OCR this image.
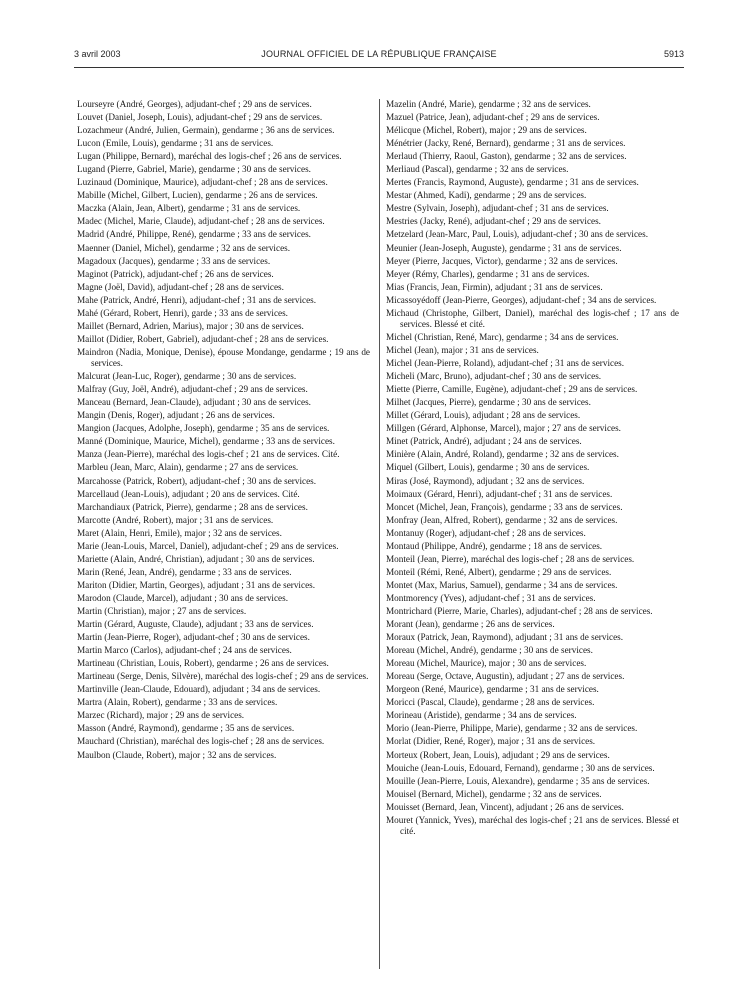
3 avril 2003	JOURNAL OFFICIEL DE LA RÉPUBLIQUE FRANÇAISE	5913
Lourseyre (André, Georges), adjudant-chef ; 29 ans de services.
Louvet (Daniel, Joseph, Louis), adjudant-chef ; 29 ans de services.
Lozachmeur (André, Julien, Germain), gendarme ; 36 ans de services.
Lucon (Emile, Louis), gendarme ; 31 ans de services.
Lugan (Philippe, Bernard), maréchal des logis-chef ; 26 ans de services.
Lugand (Pierre, Gabriel, Marie), gendarme ; 30 ans de services.
Luzinaud (Dominique, Maurice), adjudant-chef ; 28 ans de services.
Mabille (Michel, Gilbert, Lucien), gendarme ; 26 ans de services.
Maczka (Alain, Jean, Albert), gendarme ; 31 ans de services.
Madec (Michel, Marie, Claude), adjudant-chef ; 28 ans de services.
Madrid (André, Philippe, René), gendarme ; 33 ans de services.
Maenner (Daniel, Michel), gendarme ; 32 ans de services.
Magadoux (Jacques), gendarme ; 33 ans de services.
Maginot (Patrick), adjudant-chef ; 26 ans de services.
Magne (Joël, David), adjudant-chef ; 28 ans de services.
Mahe (Patrick, André, Henri), adjudant-chef ; 31 ans de services.
Mahé (Gérard, Robert, Henri), garde ; 33 ans de services.
Maillet (Bernard, Adrien, Marius), major ; 30 ans de services.
Maillot (Didier, Robert, Gabriel), adjudant-chef ; 28 ans de services.
Maindron (Nadia, Monique, Denise), épouse Mondange, gendarme ; 19 ans de services.
Malcurat (Jean-Luc, Roger), gendarme ; 30 ans de services.
Malfray (Guy, Joël, André), adjudant-chef ; 29 ans de services.
Manceau (Bernard, Jean-Claude), adjudant ; 30 ans de services.
Mangin (Denis, Roger), adjudant ; 26 ans de services.
Mangion (Jacques, Adolphe, Joseph), gendarme ; 35 ans de services.
Manné (Dominique, Maurice, Michel), gendarme ; 33 ans de services.
Manza (Jean-Pierre), maréchal des logis-chef ; 21 ans de services. Cité.
Marbleu (Jean, Marc, Alain), gendarme ; 27 ans de services.
Marcahosse (Patrick, Robert), adjudant-chef ; 30 ans de services.
Marcellaud (Jean-Louis), adjudant ; 20 ans de services. Cité.
Marchandiaux (Patrick, Pierre), gendarme ; 28 ans de services.
Marcotte (André, Robert), major ; 31 ans de services.
Maret (Alain, Henri, Emile), major ; 32 ans de services.
Marie (Jean-Louis, Marcel, Daniel), adjudant-chef ; 29 ans de services.
Mariette (Alain, André, Christian), adjudant ; 30 ans de services.
Marin (René, Jean, André), gendarme ; 33 ans de services.
Mariton (Didier, Martin, Georges), adjudant ; 31 ans de services.
Marodon (Claude, Marcel), adjudant ; 30 ans de services.
Martin (Christian), major ; 27 ans de services.
Martin (Gérard, Auguste, Claude), adjudant ; 33 ans de services.
Martin (Jean-Pierre, Roger), adjudant-chef ; 30 ans de services.
Martin Marco (Carlos), adjudant-chef ; 24 ans de services.
Martineau (Christian, Louis, Robert), gendarme ; 26 ans de services.
Martineau (Serge, Denis, Silvère), maréchal des logis-chef ; 29 ans de services.
Martinville (Jean-Claude, Edouard), adjudant ; 34 ans de services.
Martra (Alain, Robert), gendarme ; 33 ans de services.
Marzec (Richard), major ; 29 ans de services.
Masson (André, Raymond), gendarme ; 35 ans de services.
Mauchard (Christian), maréchal des logis-chef ; 28 ans de services.
Maulbon (Claude, Robert), major ; 32 ans de services.
Mazelin (André, Marie), gendarme ; 32 ans de services.
Mazuel (Patrice, Jean), adjudant-chef ; 29 ans de services.
Mélicque (Michel, Robert), major ; 29 ans de services.
Ménétrier (Jacky, René, Bernard), gendarme ; 31 ans de services.
Merlaud (Thierry, Raoul, Gaston), gendarme ; 32 ans de services.
Merliaud (Pascal), gendarme ; 32 ans de services.
Mertes (Francis, Raymond, Auguste), gendarme ; 31 ans de services.
Mestar (Ahmed, Kadi), gendarme ; 29 ans de services.
Mestre (Sylvain, Joseph), adjudant-chef ; 31 ans de services.
Mestries (Jacky, René), adjudant-chef ; 29 ans de services.
Metzelard (Jean-Marc, Paul, Louis), adjudant-chef ; 30 ans de services.
Meunier (Jean-Joseph, Auguste), gendarme ; 31 ans de services.
Meyer (Pierre, Jacques, Victor), gendarme ; 32 ans de services.
Meyer (Rémy, Charles), gendarme ; 31 ans de services.
Mias (Francis, Jean, Firmin), adjudant ; 31 ans de services.
Micassoyédoff (Jean-Pierre, Georges), adjudant-chef ; 34 ans de services.
Michaud (Christophe, Gilbert, Daniel), maréchal des logis-chef ; 17 ans de services. Blessé et cité.
Michel (Christian, René, Marc), gendarme ; 34 ans de services.
Michel (Jean), major ; 31 ans de services.
Michel (Jean-Pierre, Roland), adjudant-chef ; 31 ans de services.
Micheli (Marc, Bruno), adjudant-chef ; 30 ans de services.
Miette (Pierre, Camille, Eugène), adjudant-chef ; 29 ans de services.
Milhet (Jacques, Pierre), gendarme ; 30 ans de services.
Millet (Gérard, Louis), adjudant ; 28 ans de services.
Millgen (Gérard, Alphonse, Marcel), major ; 27 ans de services.
Minet (Patrick, André), adjudant ; 24 ans de services.
Minière (Alain, André, Roland), gendarme ; 32 ans de services.
Miquel (Gilbert, Louis), gendarme ; 30 ans de services.
Miras (José, Raymond), adjudant ; 32 ans de services.
Moimaux (Gérard, Henri), adjudant-chef ; 31 ans de services.
Moncet (Michel, Jean, François), gendarme ; 33 ans de services.
Monfray (Jean, Alfred, Robert), gendarme ; 32 ans de services.
Montanuy (Roger), adjudant-chef ; 28 ans de services.
Montaud (Philippe, André), gendarme ; 18 ans de services.
Monteil (Jean, Pierre), maréchal des logis-chef ; 28 ans de services.
Monteil (Rémi, René, Albert), gendarme ; 29 ans de services.
Montet (Max, Marius, Samuel), gendarme ; 34 ans de services.
Montmorency (Yves), adjudant-chef ; 31 ans de services.
Montrichard (Pierre, Marie, Charles), adjudant-chef ; 28 ans de services.
Morant (Jean), gendarme ; 26 ans de services.
Moraux (Patrick, Jean, Raymond), adjudant ; 31 ans de services.
Moreau (Michel, André), gendarme ; 30 ans de services.
Moreau (Michel, Maurice), major ; 30 ans de services.
Moreau (Serge, Octave, Augustin), adjudant ; 27 ans de services.
Morgeon (René, Maurice), gendarme ; 31 ans de services.
Moricci (Pascal, Claude), gendarme ; 28 ans de services.
Morineau (Aristide), gendarme ; 34 ans de services.
Morio (Jean-Pierre, Philippe, Marie), gendarme ; 32 ans de services.
Morlat (Didier, René, Roger), major ; 31 ans de services.
Morteux (Robert, Jean, Louis), adjudant ; 29 ans de services.
Mouiche (Jean-Louis, Edouard, Fernand), gendarme ; 30 ans de services.
Mouille (Jean-Pierre, Louis, Alexandre), gendarme ; 35 ans de services.
Mouisel (Bernard, Michel), gendarme ; 32 ans de services.
Mouisset (Bernard, Jean, Vincent), adjudant ; 26 ans de services.
Mouret (Yannick, Yves), maréchal des logis-chef ; 21 ans de services. Blessé et cité.
